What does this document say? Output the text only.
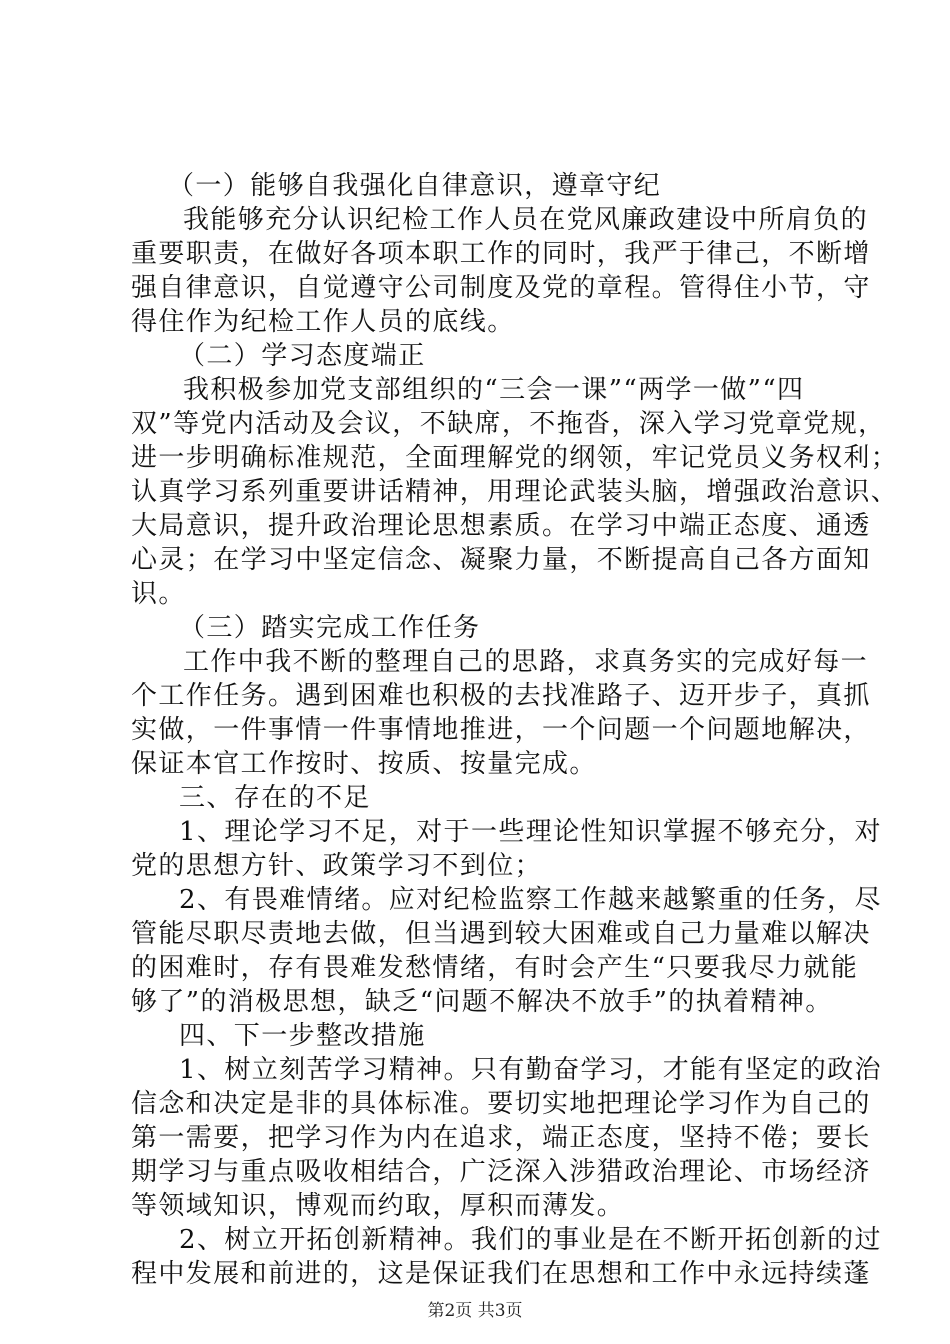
（一）能够自我强化自律意识，遵章守纪
我能够充分认识纪检工作人员在党风廉政建设中所肩负的
重要职责，在做好各项本职工作的同时，我严于律己，不断增
强自律意识，自觉遵守公司制度及党的章程。管得住小节，守
得住作为纪检工作人员的底线。
（二）学习态度端正
我积极参加党支部组织的“三会一课”“两学一做”“四
双”等党内活动及会议，不缺席，不拖沓，深入学习党章党规，
进一步明确标准规范，全面理解党的纲领，牢记党员义务权利；
认真学习系列重要讲话精神，用理论武装头脑，增强政治意识、
大局意识，提升政治理论思想素质。在学习中端正态度、通透
心灵；在学习中坚定信念、凝聚力量，不断提高自己各方面知
识。
（三）踏实完成工作任务
工作中我不断的整理自己的思路，求真务实的完成好每一
个工作任务。遇到困难也积极的去找准路子、迈开步子，真抓
实做，一件事情一件事情地推进，一个问题一个问题地解决，
保证本官工作按时、按质、按量完成。
三、存在的不足
1、理论学习不足，对于一些理论性知识掌握不够充分，对
党的思想方针、政策学习不到位；
2、有畏难情绪。应对纪检监察工作越来越繁重的任务，尽
管能尽职尽责地去做，但当遇到较大困难或自己力量难以解决
的困难时，存有畏难发愁情绪，有时会产生“只要我尽力就能
够了”的消极思想，缺乏“问题不解决不放手”的执着精神。
四、下一步整改措施
1、树立刻苦学习精神。只有勤奋学习，才能有坚定的政治
信念和决定是非的具体标准。要切实地把理论学习作为自己的
第一需要，把学习作为内在追求，端正态度，坚持不倦；要长
期学习与重点吸收相结合，广泛深入涉猎政治理论、市场经济
等领域知识，博观而约取，厚积而薄发。
2、树立开拓创新精神。我们的事业是在不断开拓创新的过
程中发展和前进的，这是保证我们在思想和工作中永远持续蓬
第2页 共3页
